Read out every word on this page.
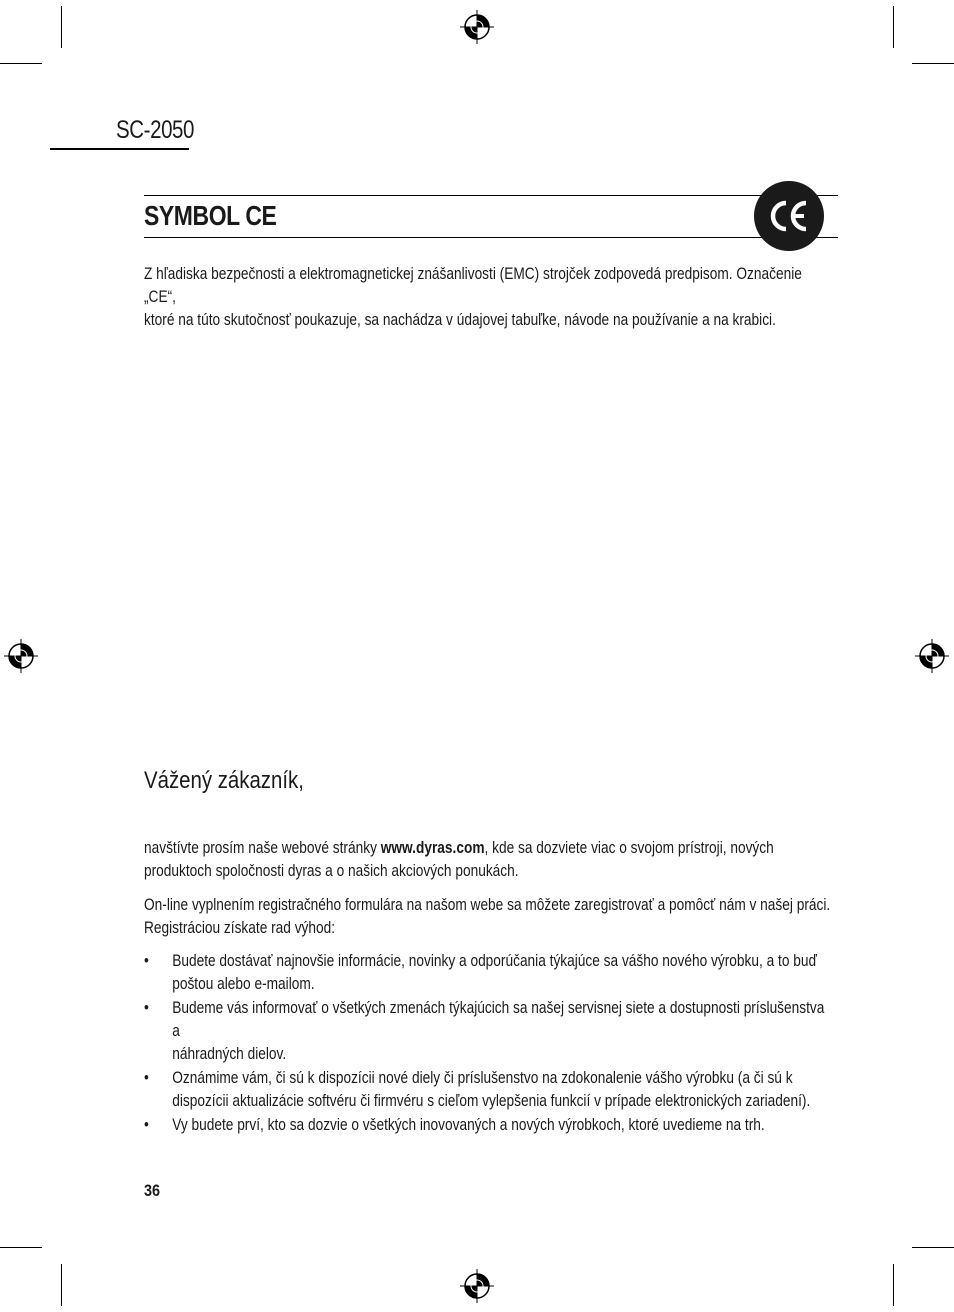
SC-2050
SYMBOL CE
Z hľadiska bezpečnosti a elektromagnetickej znášanlivosti (EMC) strojček zodpovedá predpisom. Označenie „CE“,
ktoré na túto skutočnosť poukazuje, sa nachádza v údajovej tabuľke, návode na používanie a na krabici.
Vážený zákazník,
navštívte prosím naše webové stránky www.dyras.com, kde sa dozviete viac o svojom prístroji, nových
produktoch spoločnosti dyras a o našich akciových ponukách.
On-line vyplnením registračného formulára na našom webe sa môžete zaregistrovať a pomôcť nám v našej práci.
Registráciou získate rad výhod:
• Budete dostávať najnovšie informácie, novinky a odporúčania týkajúce sa vášho nového výrobku, a to buď
poštou alebo e-mailom.
• Budeme vás informovať o všetkých zmenách týkajúcich sa našej servisnej siete a dostupnosti príslušenstva a
náhradných dielov.
• Oznámime vám, či sú k dispozícii nové diely či príslušenstvo na zdokonalenie vášho výrobku (a či sú k
dispozícii aktualizácie softvéru či firmvéru s cieľom vylepšenia funkcií v prípade elektronických zariadení).
• Vy budete prví, kto sa dozvie o všetkých inovovaných a nových výrobkoch, ktoré uvedieme na trh.
36
